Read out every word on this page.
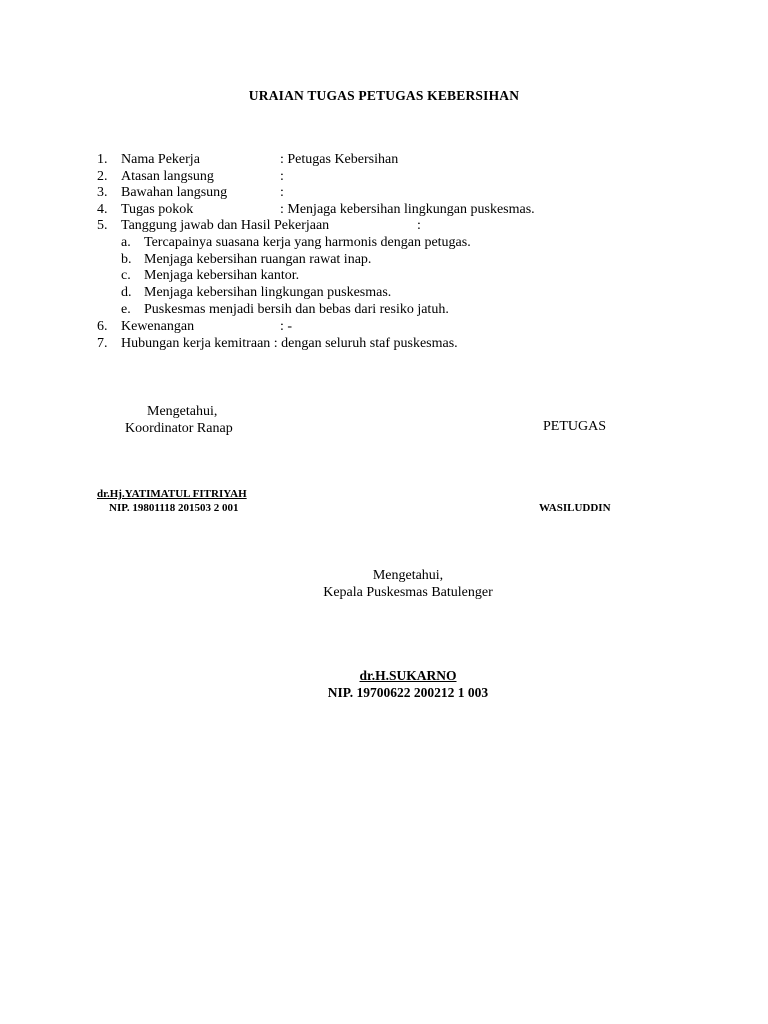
URAIAN TUGAS PETUGAS KEBERSIHAN
1. Nama Pekerja	: Petugas Kebersihan
2. Atasan langsung	:
3. Bawahan langsung	:
4. Tugas pokok	: Menjaga kebersihan lingkungan puskesmas.
5. Tanggung jawab dan Hasil Pekerjaan	:
a. Tercapainya suasana kerja yang harmonis dengan petugas.
b. Menjaga kebersihan ruangan rawat inap.
c. Menjaga kebersihan kantor.
d. Menjaga kebersihan lingkungan puskesmas.
e. Puskesmas menjadi bersih dan bebas dari resiko jatuh.
6. Kewenangan	: -
7. Hubungan kerja kemitraan : dengan seluruh staf puskesmas.
Mengetahui,
Koordinator Ranap
dr.Hj.YATIMATUL FITRIYAH
NIP. 19801118 201503 2 001
PETUGAS
WASILUDDIN
Mengetahui,
Kepala Puskesmas Batulenger
dr.H.SUKARNO
NIP. 19700622 200212 1 003
